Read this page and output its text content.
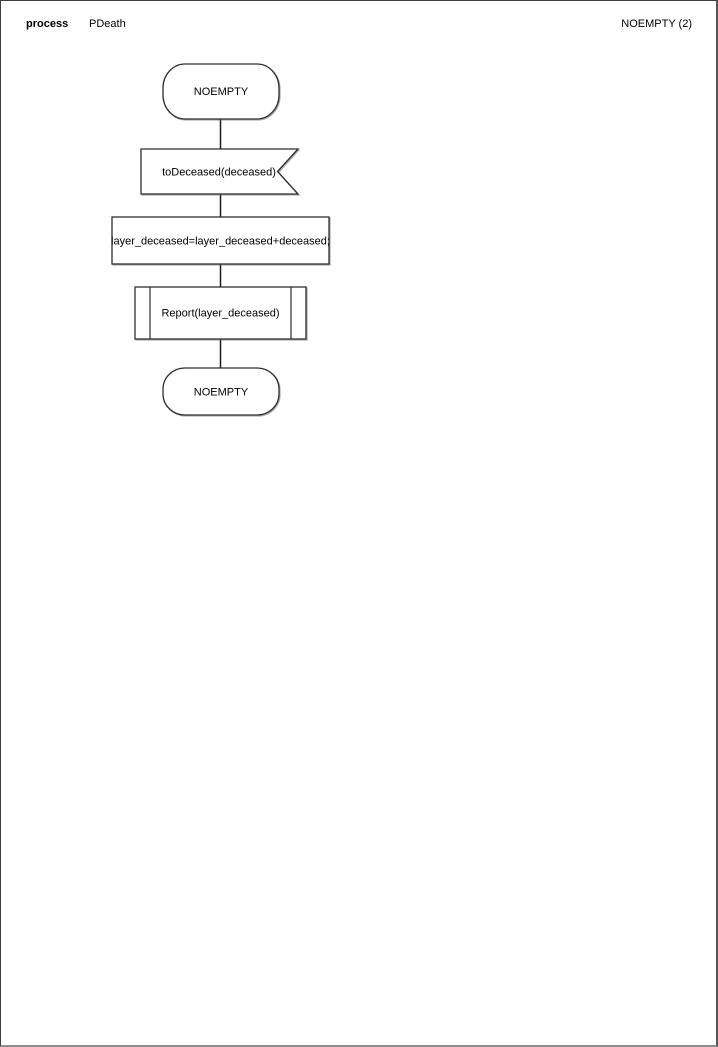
process PDeath	NOEMPTY (2)
NOEMPTY
toDeceased(deceased)
layer_deceased=layer_deceased+deceased;
Report(layer_deceased)
NOEMPTY
